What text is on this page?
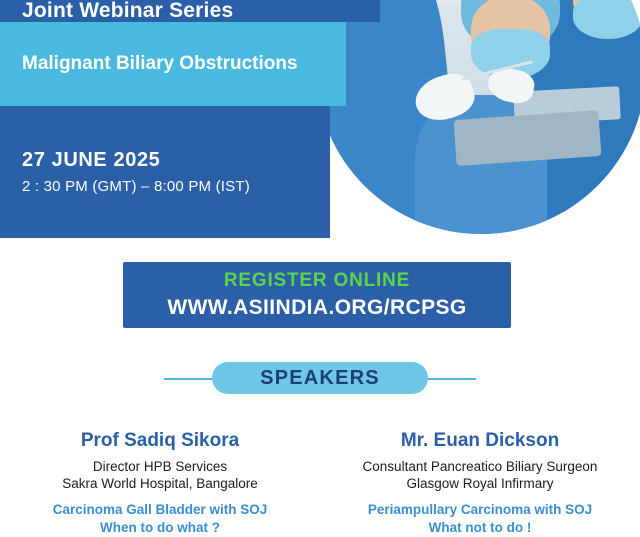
Joint Webinar Series
Malignant Biliary Obstructions
27 JUNE 2025
2 : 30 PM (GMT) – 8:00 PM (IST)
REGISTER ONLINE
WWW.ASIINDIA.ORG/RCPSG
SPEAKERS
Prof Sadiq Sikora
Director HPB Services
Sakra World Hospital, Bangalore
Carcinoma Gall Bladder with SOJ
When to do what ?
Mr. Euan Dickson
Consultant Pancreatico Biliary Surgeon
Glasgow Royal Infirmary
Periampullary Carcinoma with SOJ
What not to do !
